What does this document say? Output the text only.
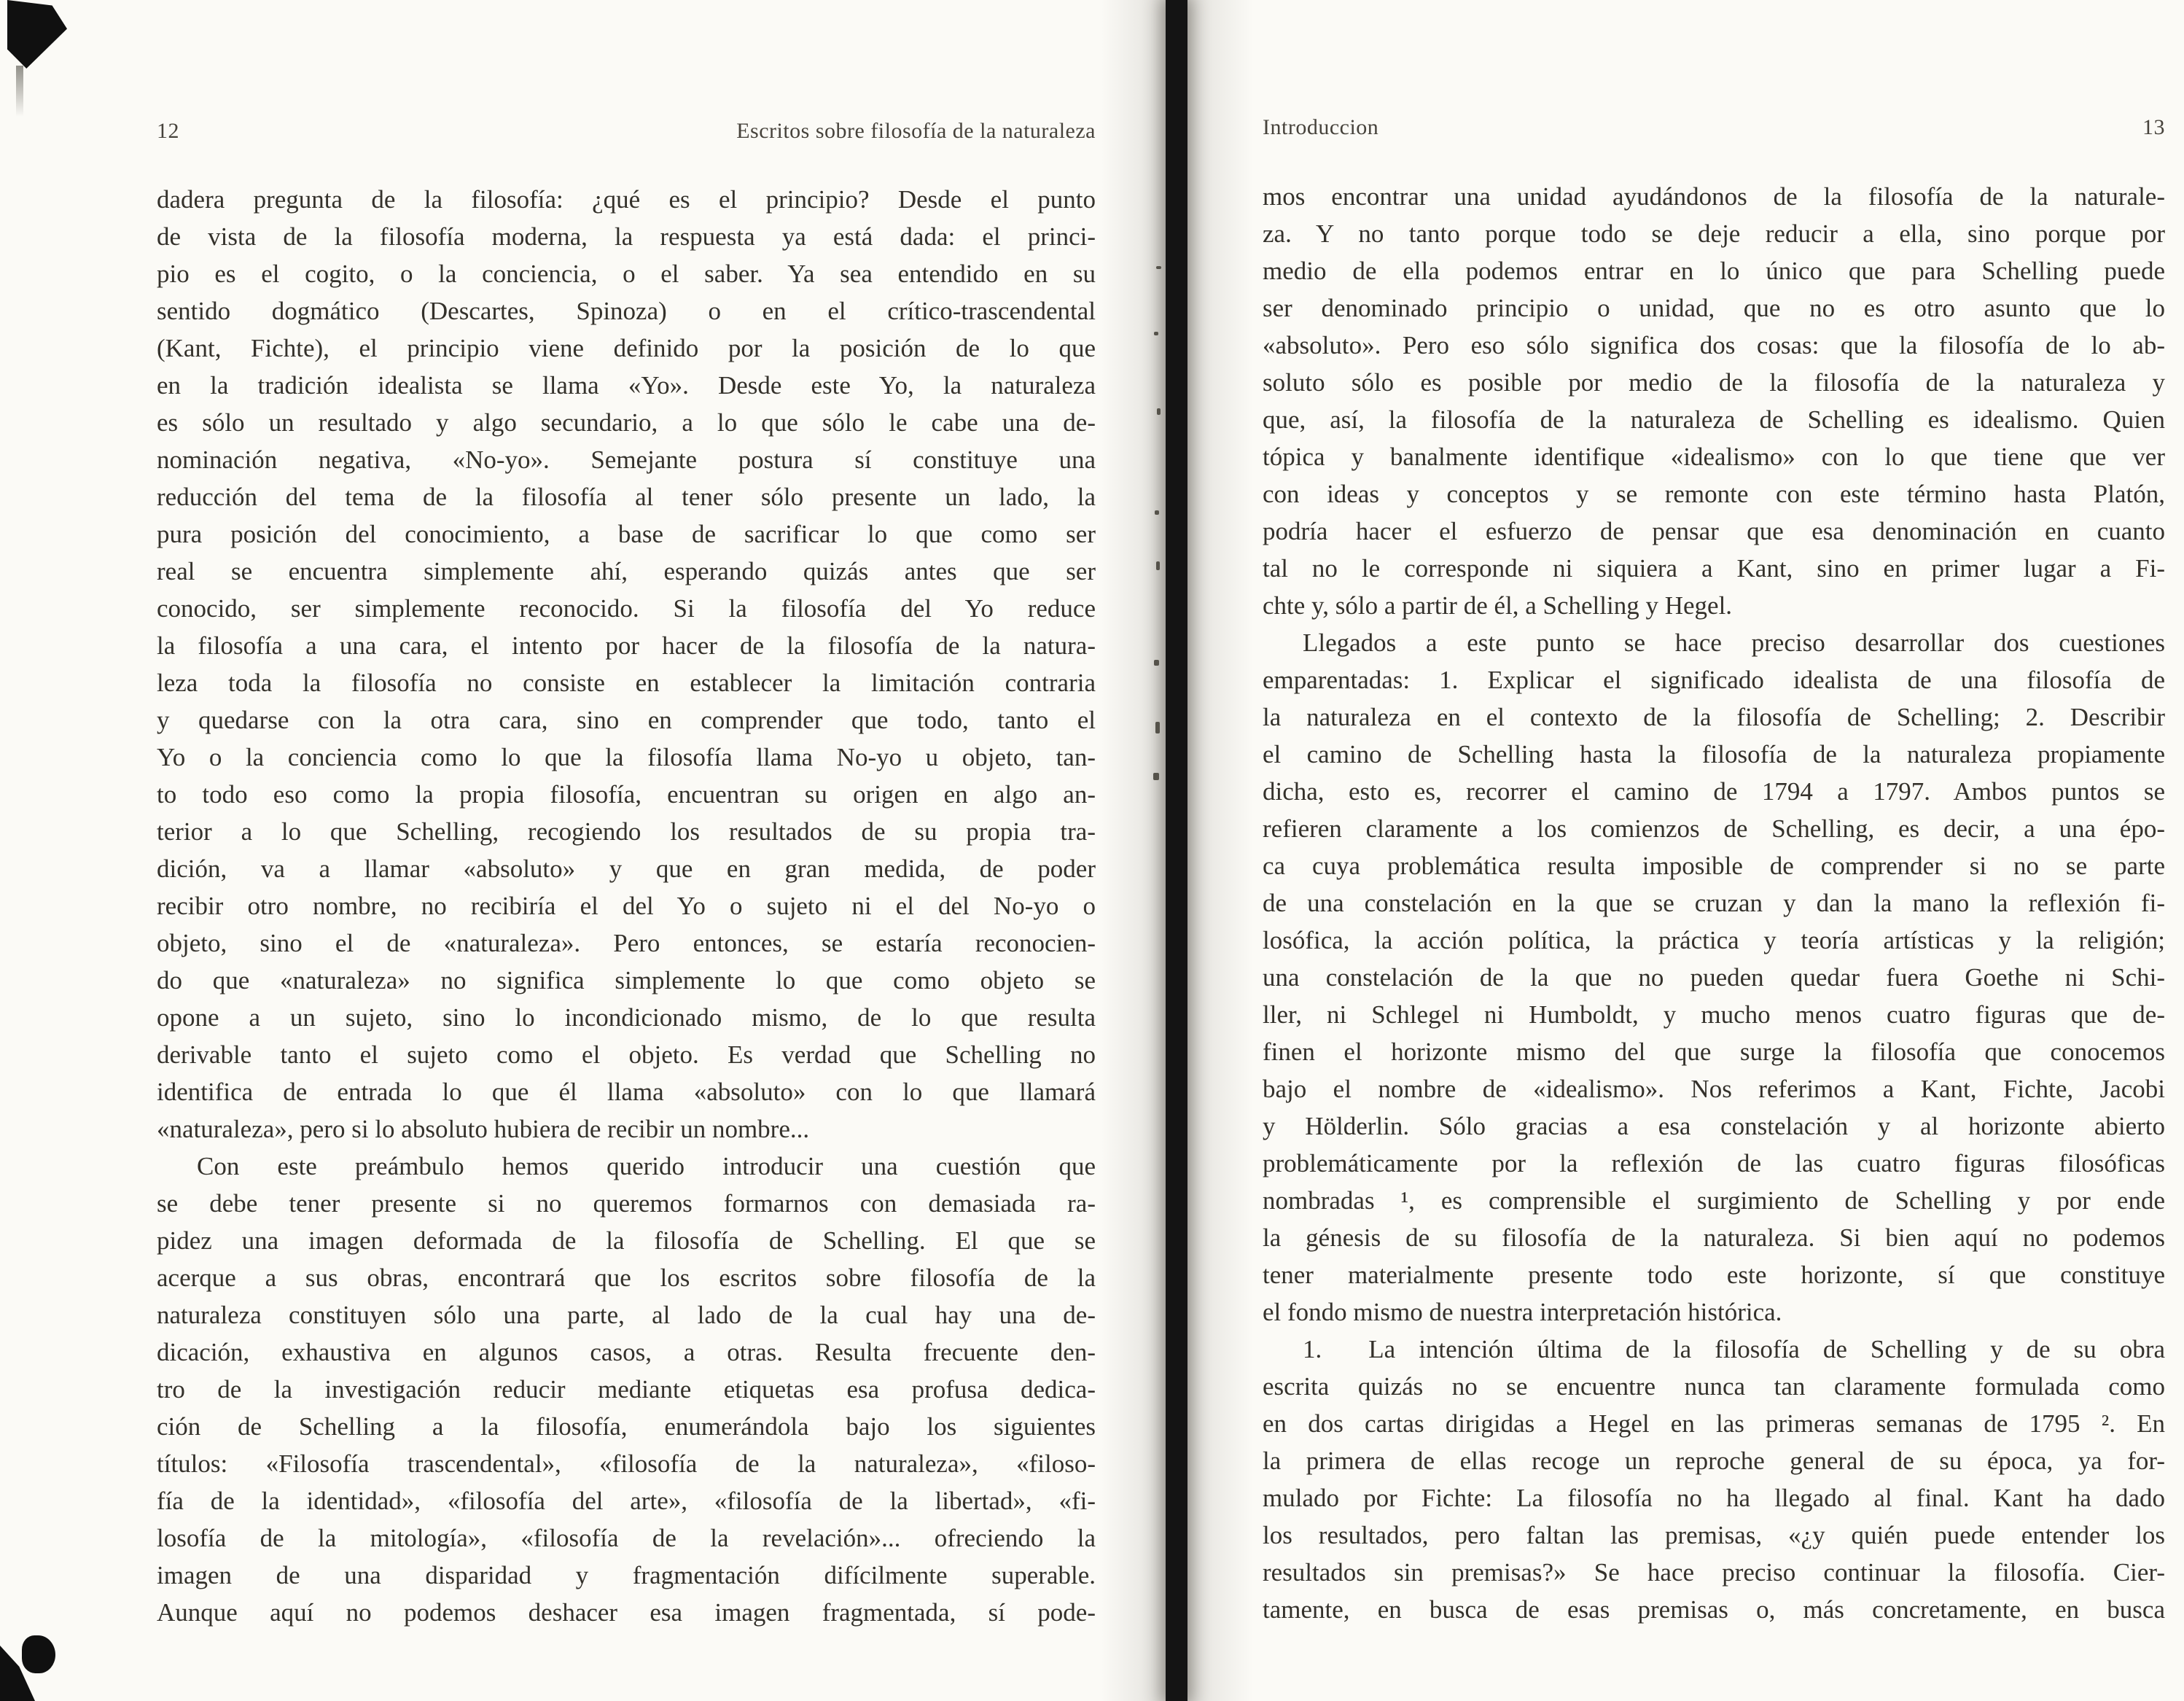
12	Escritos sobre filosofía de la naturaleza
dadera pregunta de la filosofía: ¿qué es el principio? Desde el punto
de vista de la filosofía moderna, la respuesta ya está dada: el princi-
pio es el cogito, o la conciencia, o el saber. Ya sea entendido en su
sentido dogmático (Descartes, Spinoza) o en el crítico-trascendental
(Kant, Fichte), el principio viene definido por la posición de lo que
en la tradición idealista se llama «Yo». Desde este Yo, la naturaleza
es sólo un resultado y algo secundario, a lo que sólo le cabe una de-
nominación negativa, «No-yo». Semejante postura sí constituye una
reducción del tema de la filosofía al tener sólo presente un lado, la
pura posición del conocimiento, a base de sacrificar lo que como ser
real se encuentra simplemente ahí, esperando quizás antes que ser
conocido, ser simplemente reconocido. Si la filosofía del Yo reduce
la filosofía a una cara, el intento por hacer de la filosofía de la natura-
leza toda la filosofía no consiste en establecer la limitación contraria
y quedarse con la otra cara, sino en comprender que todo, tanto el
Yo o la conciencia como lo que la filosofía llama No-yo u objeto, tan-
to todo eso como la propia filosofía, encuentran su origen en algo an-
terior a lo que Schelling, recogiendo los resultados de su propia tra-
dición, va a llamar «absoluto» y que en gran medida, de poder
recibir otro nombre, no recibiría el del Yo o sujeto ni el del No-yo o
objeto, sino el de «naturaleza». Pero entonces, se estaría reconocien-
do que «naturaleza» no significa simplemente lo que como objeto se
opone a un sujeto, sino lo incondicionado mismo, de lo que resulta
derivable tanto el sujeto como el objeto. Es verdad que Schelling no
identifica de entrada lo que él llama «absoluto» con lo que llamará
«naturaleza», pero si lo absoluto hubiera de recibir un nombre...
Con este preámbulo hemos querido introducir una cuestión que
se debe tener presente si no queremos formarnos con demasiada ra-
pidez una imagen deformada de la filosofía de Schelling. El que se
acerque a sus obras, encontrará que los escritos sobre filosofía de la
naturaleza constituyen sólo una parte, al lado de la cual hay una de-
dicación, exhaustiva en algunos casos, a otras. Resulta frecuente den-
tro de la investigación reducir mediante etiquetas esa profusa dedica-
ción de Schelling a la filosofía, enumerándola bajo los siguientes
títulos: «Filosofía trascendental», «filosofía de la naturaleza», «filoso-
fía de la identidad», «filosofía del arte», «filosofía de la libertad», «fi-
losofía de la mitología», «filosofía de la revelación»... ofreciendo la
imagen de una disparidad y fragmentación difícilmente superable.
Aunque aquí no podemos deshacer esa imagen fragmentada, sí pode-
Introduccion	13
mos encontrar una unidad ayudándonos de la filosofía de la naturale-
za. Y no tanto porque todo se deje reducir a ella, sino porque por
medio de ella podemos entrar en lo único que para Schelling puede
ser denominado principio o unidad, que no es otro asunto que lo
«absoluto». Pero eso sólo significa dos cosas: que la filosofía de lo ab-
soluto sólo es posible por medio de la filosofía de la naturaleza y
que, así, la filosofía de la naturaleza de Schelling es idealismo. Quien
tópica y banalmente identifique «idealismo» con lo que tiene que ver
con ideas y conceptos y se remonte con este término hasta Platón,
podría hacer el esfuerzo de pensar que esa denominación en cuanto
tal no le corresponde ni siquiera a Kant, sino en primer lugar a Fi-
chte y, sólo a partir de él, a Schelling y Hegel.
Llegados a este punto se hace preciso desarrollar dos cuestiones
emparentadas: 1. Explicar el significado idealista de una filosofía de
la naturaleza en el contexto de la filosofía de Schelling; 2. Describir
el camino de Schelling hasta la filosofía de la naturaleza propiamente
dicha, esto es, recorrer el camino de 1794 a 1797. Ambos puntos se
refieren claramente a los comienzos de Schelling, es decir, a una épo-
ca cuya problemática resulta imposible de comprender si no se parte
de una constelación en la que se cruzan y dan la mano la reflexión fi-
losófica, la acción política, la práctica y teoría artísticas y la religión;
una constelación de la que no pueden quedar fuera Goethe ni Schi-
ller, ni Schlegel ni Humboldt, y mucho menos cuatro figuras que de-
finen el horizonte mismo del que surge la filosofía que conocemos
bajo el nombre de «idealismo». Nos referimos a Kant, Fichte, Jacobi
y Hölderlin. Sólo gracias a esa constelación y al horizonte abierto
problemáticamente por la reflexión de las cuatro figuras filosóficas
nombradas ¹, es comprensible el surgimiento de Schelling y por ende
la génesis de su filosofía de la naturaleza. Si bien aquí no podemos
tener materialmente presente todo este horizonte, sí que constituye
el fondo mismo de nuestra interpretación histórica.
1.  La intención última de la filosofía de Schelling y de su obra
escrita quizás no se encuentre nunca tan claramente formulada como
en dos cartas dirigidas a Hegel en las primeras semanas de 1795 ². En
la primera de ellas recoge un reproche general de su época, ya for-
mulado por Fichte: La filosofía no ha llegado al final. Kant ha dado
los resultados, pero faltan las premisas, «¿y quién puede entender los
resultados sin premisas?» Se hace preciso continuar la filosofía. Cier-
tamente, en busca de esas premisas o, más concretamente, en busca
